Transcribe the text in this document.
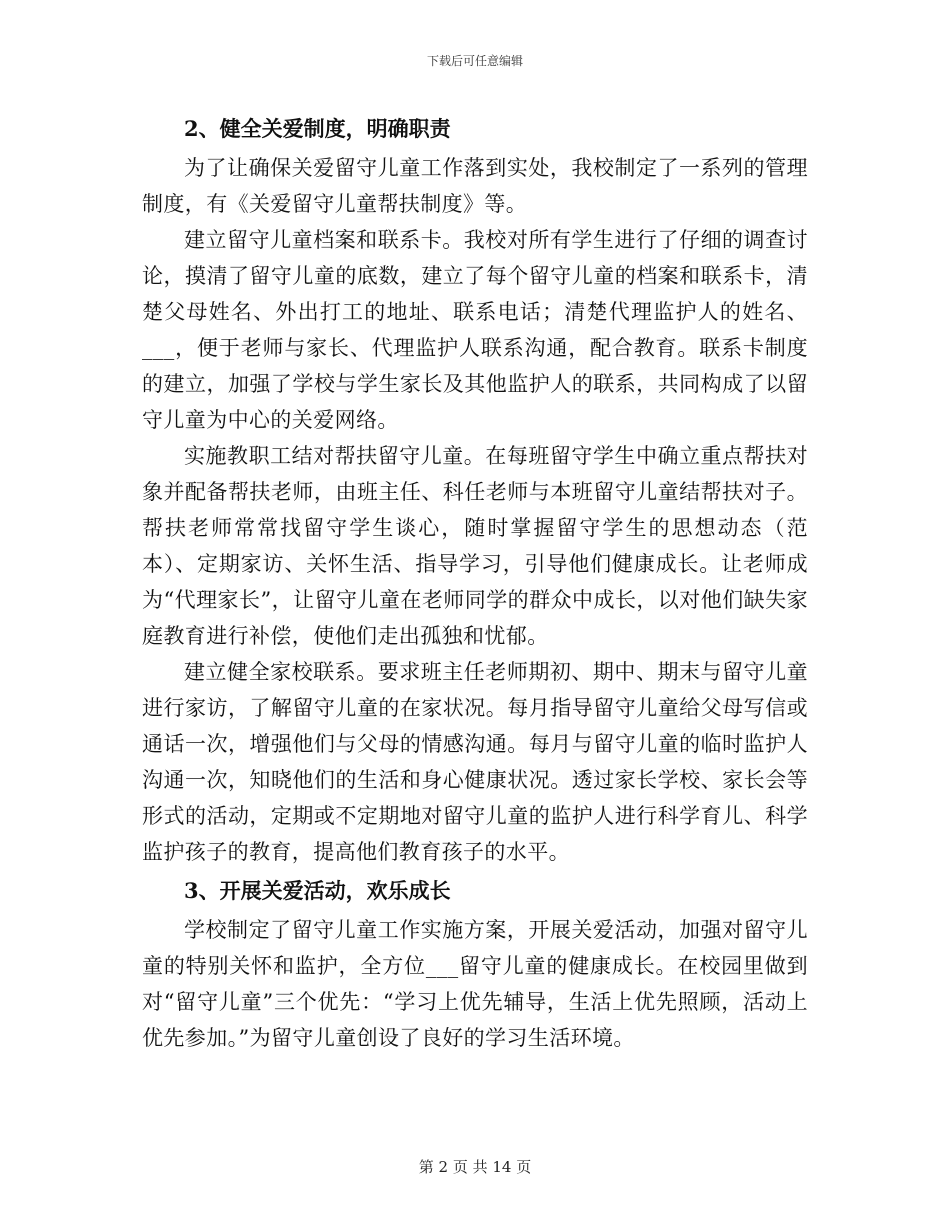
下载后可任意编辑
2、健全关爱制度，明确职责

为了让确保关爱留守儿童工作落到实处，我校制定了一系列的管理制度，有《关爱留守儿童帮扶制度》等。

建立留守儿童档案和联系卡。我校对所有学生进行了仔细的调查讨论，摸清了留守儿童的底数，建立了每个留守儿童的档案和联系卡，清楚父母姓名、外出打工的地址、联系电话；清楚代理监护人的姓名、___，便于老师与家长、代理监护人联系沟通，配合教育。联系卡制度的建立，加强了学校与学生家长及其他监护人的联系，共同构成了以留守儿童为中心的关爱网络。

实施教职工结对帮扶留守儿童。在每班留守学生中确立重点帮扶对象并配备帮扶老师，由班主任、科任老师与本班留守儿童结帮扶对子。帮扶老师常常找留守学生谈心，随时掌握留守学生的思想动态（范本）、定期家访、关怀生活、指导学习，引导他们健康成长。让老师成为“代理家长”，让留守儿童在老师同学的群众中成长，以对他们缺失家庭教育进行补偿，使他们走出孤独和忧郁。

建立健全家校联系。要求班主任老师期初、期中、期末与留守儿童进行家访，了解留守儿童的在家状况。每月指导留守儿童给父母写信或通话一次，增强他们与父母的情感沟通。每月与留守儿童的临时监护人沟通一次，知晓他们的生活和身心健康状况。透过家长学校、家长会等形式的活动，定期或不定期地对留守儿童的监护人进行科学育儿、科学监护孩子的教育，提高他们教育孩子的水平。

3、开展关爱活动，欢乐成长

学校制定了留守儿童工作实施方案，开展关爱活动，加强对留守儿童的特别关怀和监护，全方位___留守儿童的健康成长。在校园里做到对“留守儿童”三个优先：“学习上优先辅导，生活上优先照顾，活动上优先参加。”为留守儿童创设了良好的学习生活环境。

第 2 页 共 14 页
